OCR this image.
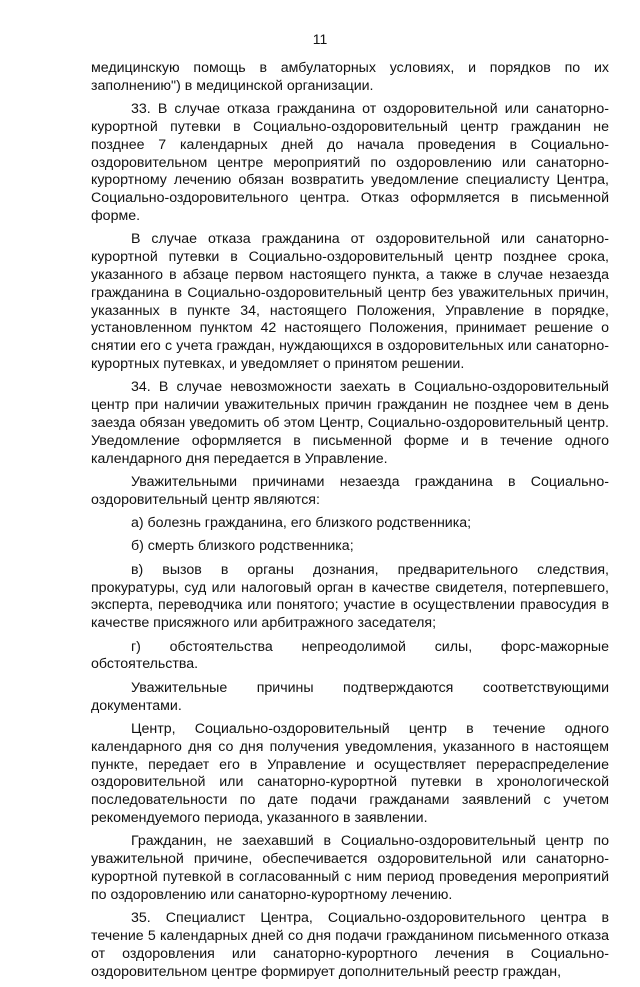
11

медицинскую помощь в амбулаторных условиях, и порядков по их заполнению") в медицинской организации.

33. В случае отказа гражданина от оздоровительной или санаторно-курортной путевки в Социально-оздоровительный центр гражданин не позднее 7 календарных дней до начала проведения в Социально-оздоровительном центре мероприятий по оздоровлению или санаторно-курортному лечению обязан возвратить уведомление специалисту Центра, Социально-оздоровительного центра. Отказ оформляется в письменной форме.

В случае отказа гражданина от оздоровительной или санаторно-курортной путевки в Социально-оздоровительный центр позднее срока, указанного в абзаце первом настоящего пункта, а также в случае незаезда гражданина в Социально-оздоровительный центр без уважительных причин, указанных в пункте 34, настоящего Положения, Управление в порядке, установленном пунктом 42 настоящего Положения, принимает решение о снятии его с учета граждан, нуждающихся в оздоровительных или санаторно-курортных путевках, и уведомляет о принятом решении.

34. В случае невозможности заехать в Социально-оздоровительный центр при наличии уважительных причин гражданин не позднее чем в день заезда обязан уведомить об этом Центр, Социально-оздоровительный центр. Уведомление оформляется в письменной форме и в течение одного календарного дня передается в Управление.

Уважительными причинами незаезда гражданина в Социально-оздоровительный центр являются:

а) болезнь гражданина, его близкого родственника;

б) смерть близкого родственника;

в) вызов в органы дознания, предварительного следствия, прокуратуры, суд или налоговый орган в качестве свидетеля, потерпевшего, эксперта, переводчика или понятого; участие в осуществлении правосудия в качестве присяжного или арбитражного заседателя;

г) обстоятельства непреодолимой силы, форс-мажорные обстоятельства.

Уважительные причины подтверждаются соответствующими документами.

Центр, Социально-оздоровительный центр в течение одного календарного дня со дня получения уведомления, указанного в настоящем пункте, передает его в Управление и осуществляет перераспределение оздоровительной или санаторно-курортной путевки в хронологической последовательности по дате подачи гражданами заявлений с учетом рекомендуемого периода, указанного в заявлении.

Гражданин, не заехавший в Социально-оздоровительный центр по уважительной причине, обеспечивается оздоровительной или санаторно-курортной путевкой в согласованный с ним период проведения мероприятий по оздоровлению или санаторно-курортному лечению.

35. Специалист Центра, Социально-оздоровительного центра в течение 5 календарных дней со дня подачи гражданином письменного отказа от оздоровления или санаторно-курортного лечения в Социально-оздоровительном центре формирует дополнительный реестр граждан,
